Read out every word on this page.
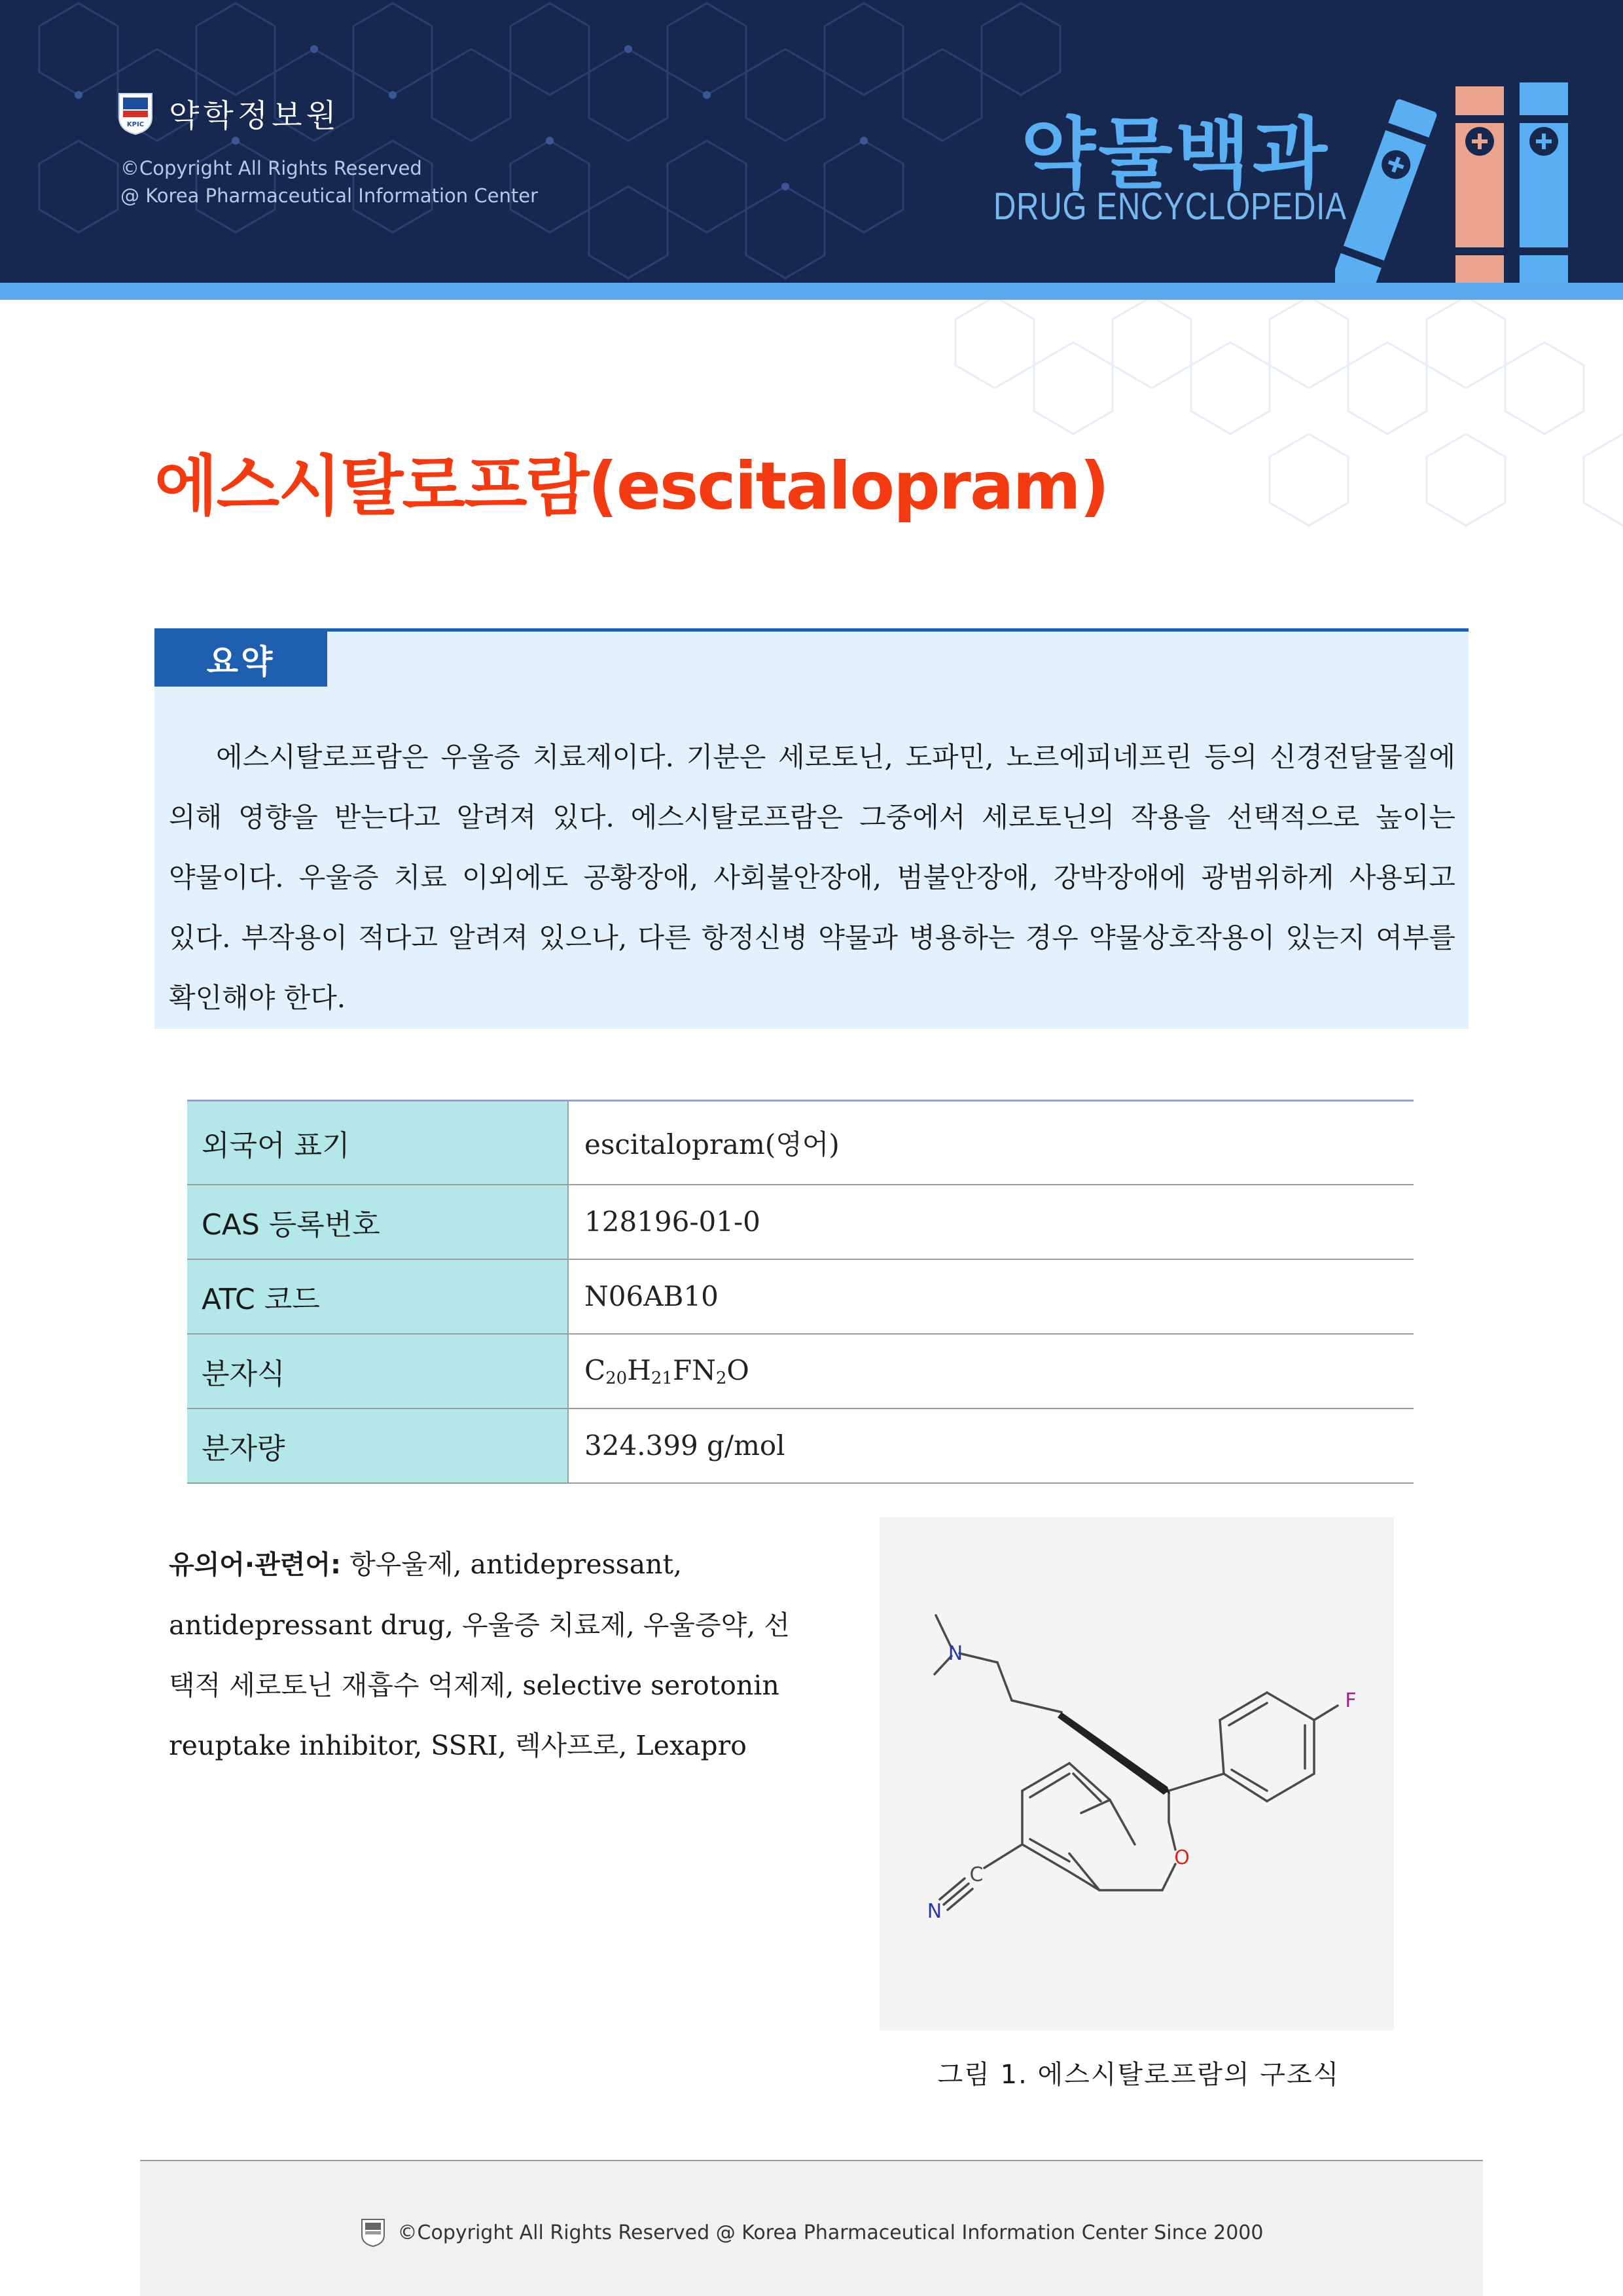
KPIC 약학정보원
©Copyright All Rights Reserved
@ Korea Pharmaceutical Information Center	약물백과
DRUG ENCYCLOPEDIA
에스시탈로프람(escitalopram)
요약

에스시탈로프람은 우울증 치료제이다. 기분은 세로토닌, 도파민, 노르에피네프린 등의 신경전달물질에 의해 영향을 받는다고 알려져 있다. 에스시탈로프람은 그중에서 세로토닌의 작용을 선택적으로 높이는 약물이다. 우울증 치료 이외에도 공황장애, 사회불안장애, 범불안장애, 강박장애에 광범위하게 사용되고 있다. 부작용이 적다고 알려져 있으나, 다른 항정신병 약물과 병용하는 경우 약물상호작용이 있는지 여부를 확인해야 한다.

외국어 표기	escitalopram(영어)
CAS 등록번호	128196-01-0
ATC 코드	N06AB10
분자식	$C_{20}H_{21}FN_2O$
분자량	324.399 g/mol

유의어·관련어: 항우울제, antidepressant, antidepressant drug, 우울증 치료제, 우울증약, 선택적 세로토닌 재흡수 억제제, selective serotonin reuptake inhibitor, SSRI, 렉사프로, Lexapro

N
F
O
C
N
그림 1. 에스시탈로프람의 구조식
©Copyright All Rights Reserved @ Korea Pharmaceutical Information Center Since 2000
